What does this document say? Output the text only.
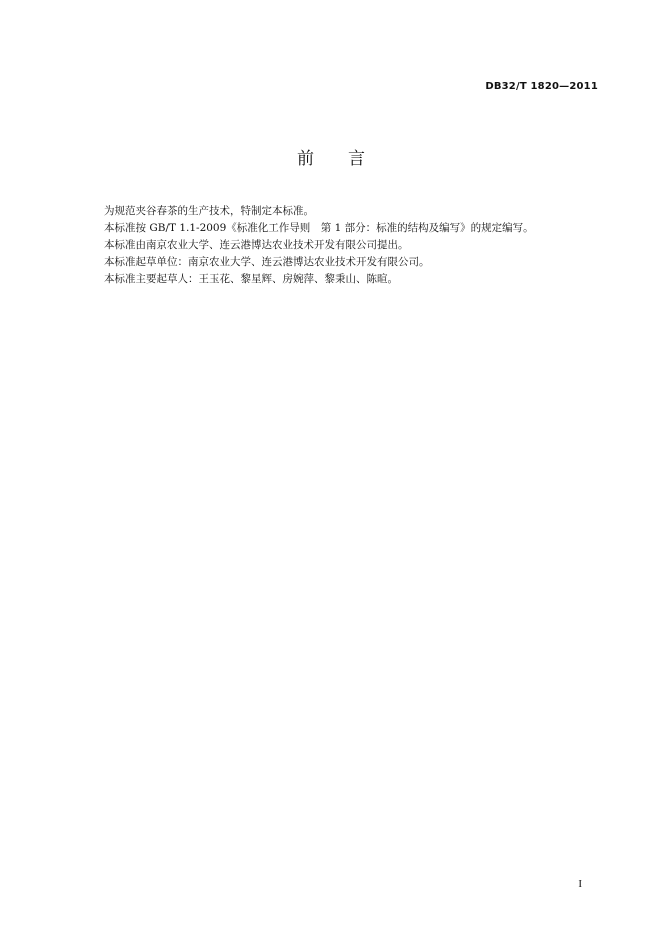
DB32/T 1820—2011
前　　言

为规范夹谷春茶的生产技术，特制定本标准。

本标准按 GB/T 1.1-2009《标准化工作导则　第 1 部分：标准的结构及编写》的规定编写。

本标准由南京农业大学、连云港博达农业技术开发有限公司提出。

本标准起草单位：南京农业大学、连云港博达农业技术开发有限公司。

本标准主要起草人：王玉花、黎星辉、房婉萍、黎秉山、陈暄。

I
